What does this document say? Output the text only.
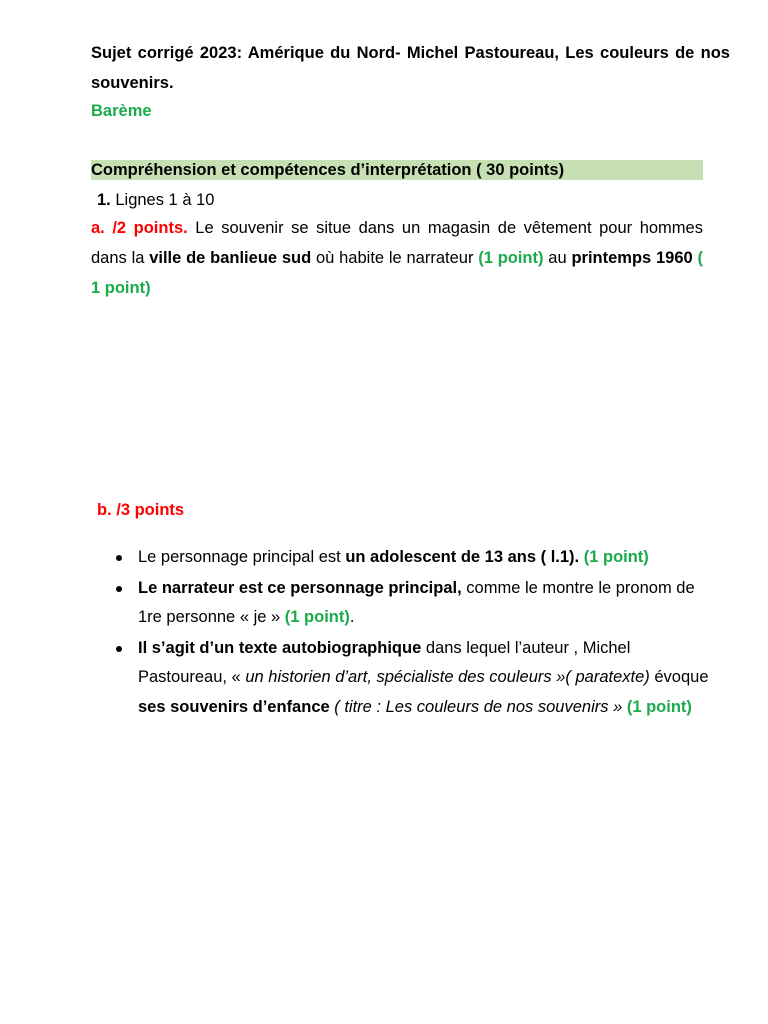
Sujet corrigé 2023: Amérique du Nord- Michel Pastoureau, Les couleurs de nos souvenirs.
Barème
Compréhension et compétences d’interprétation ( 30 points)
1. Lignes 1 à 10
a. /2 points. Le souvenir se situe dans un magasin de vêtement pour hommes dans la ville de banlieue sud où habite le narrateur (1 point) au printemps 1960 ( 1 point)
b. /3 points
Le personnage principal est un adolescent de 13 ans ( l.1). (1 point)
Le narrateur est ce personnage principal, comme le montre le pronom de 1re personne « je » (1 point).
Il s’agit d’un texte autobiographique dans lequel l’auteur , Michel Pastoureau, « un historien d’art, spécialiste des couleurs »( paratexte) évoque ses souvenirs d’enfance ( titre : Les couleurs de nos souvenirs » (1 point)
